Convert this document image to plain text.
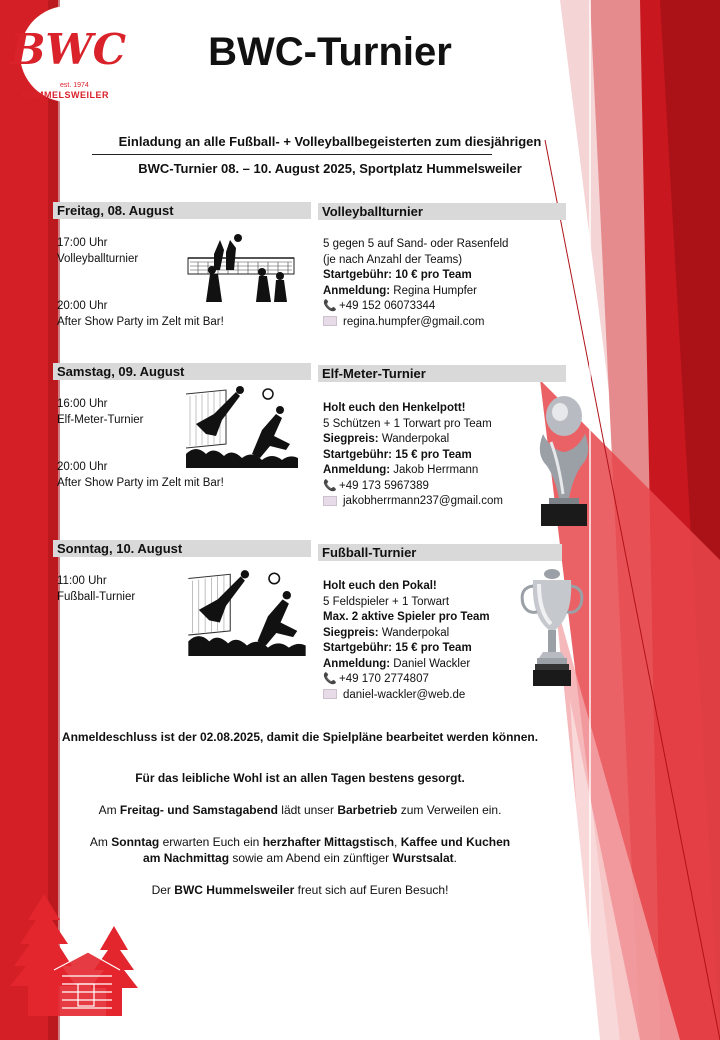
BWC
est. 1974
HUMMELSWEILER
BWC-Turnier
Einladung an alle Fußball- + Volleyballbegeisterten zum diesjährigen
BWC-Turnier 08. – 10. August 2025, Sportplatz Hummelsweiler
Freitag, 08. August	Volleyballturnier
17:00 Uhr
Volleyballturnier
20:00 Uhr
After Show Party im Zelt mit Bar!
5 gegen 5 auf Sand- oder Rasenfeld
(je nach Anzahl der Teams)
Startgebühr: 10 € pro Team
Anmeldung: Regina Humpfer
📞 +49 152 06073344
regina.humpfer@gmail.com
Samstag, 09. August	Elf-Meter-Turnier
16:00 Uhr
Elf-Meter-Turnier
20:00 Uhr
After Show Party im Zelt mit Bar!
Holt euch den Henkelpott!
5 Schützen + 1 Torwart pro Team
Siegpreis: Wanderpokal
Startgebühr: 15 € pro Team
Anmeldung: Jakob Herrmann
📞 +49 173 5967389
jakobherrmann237@gmail.com
Sonntag, 10. August	Fußball-Turnier
11:00 Uhr
Fußball-Turnier
Holt euch den Pokal!
5 Feldspieler + 1 Torwart
Max. 2 aktive Spieler pro Team
Siegpreis: Wanderpokal
Startgebühr: 15 € pro Team
Anmeldung: Daniel Wackler
📞 +49 170 2774807
daniel-wackler@web.de
Anmeldeschluss ist der 02.08.2025, damit die Spielpläne bearbeitet werden können.
Für das leibliche Wohl ist an allen Tagen bestens gesorgt.
Am Freitag- und Samstagabend lädt unser Barbetrieb zum Verweilen ein.
Am Sonntag erwarten Euch ein herzhafter Mittagstisch, Kaffee und Kuchen
am Nachmittag sowie am Abend ein zünftiger Wurstsalat.
Der BWC Hummelsweiler freut sich auf Euren Besuch!
